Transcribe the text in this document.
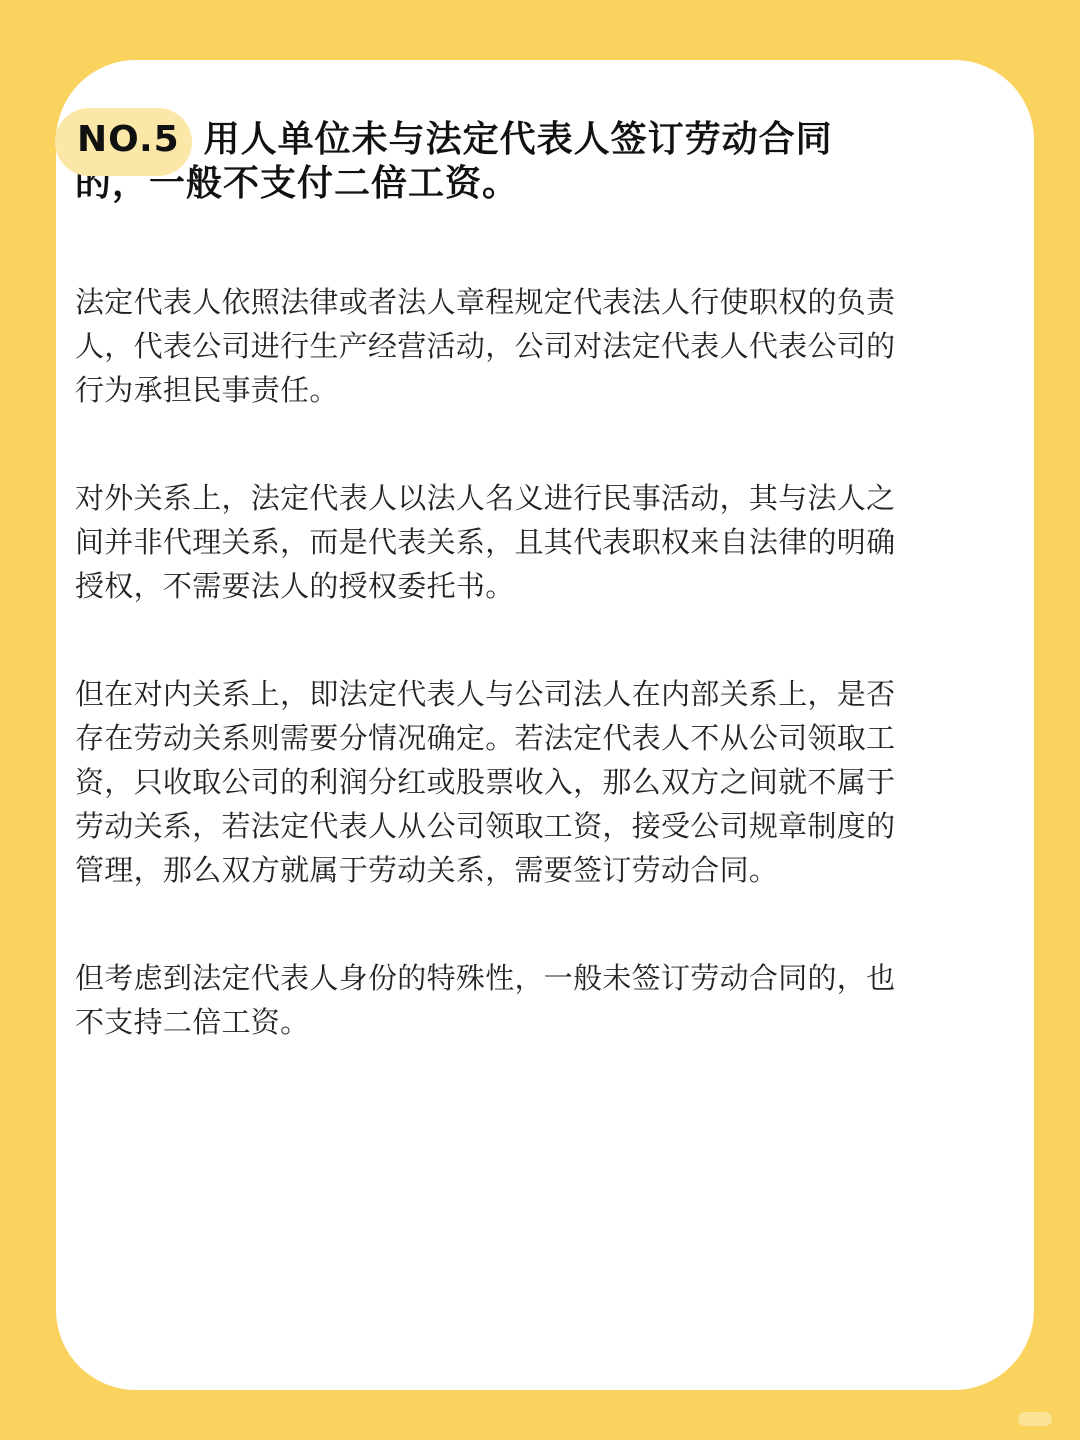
NO.5 用人单位未与法定代表人签订劳动合同的，一般不支付二倍工资。

法定代表人依照法律或者法人章程规定代表法人行使职权的负责人，代表公司进行生产经营活动，公司对法定代表人代表公司的行为承担民事责任。

对外关系上，法定代表人以法人名义进行民事活动，其与法人之间并非代理关系，而是代表关系，且其代表职权来自法律的明确授权，不需要法人的授权委托书。

但在对内关系上，即法定代表人与公司法人在内部关系上，是否存在劳动关系则需要分情况确定。若法定代表人不从公司领取工资，只收取公司的利润分红或股票收入，那么双方之间就不属于劳动关系，若法定代表人从公司领取工资，接受公司规章制度的管理，那么双方就属于劳动关系，需要签订劳动合同。

但考虑到法定代表人身份的特殊性，一般未签订劳动合同的，也不支持二倍工资。
